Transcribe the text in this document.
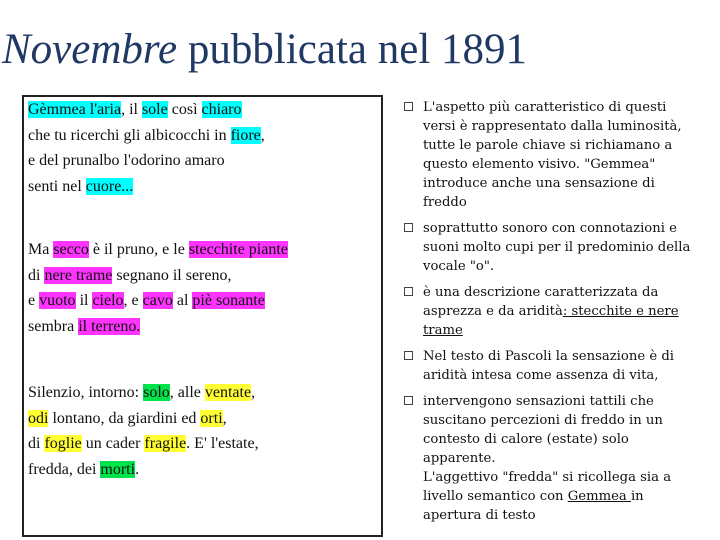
Novembre pubblicata nel 1891
Gèmmea l'aria, il sole così chiaro
che tu ricerchi gli albicocchi in fiore,
e del prunalbo l'odorino amaro
senti nel cuore...
Ma secco è il pruno, e le stecchite piante
di nere trame segnano il sereno,
e vuoto il cielo, e cavo al piè sonante
sembra il terreno.
Silenzio, intorno: solo, alle ventate,
odi lontano, da giardini ed orti,
di foglie un cader fragile. E' l'estate,
fredda, dei morti.
L'aspetto più caratteristico di questi
versi è rappresentato dalla luminosità,
tutte le parole chiave si richiamano a
questo elemento visivo. "Gemmea"
introduce anche una sensazione di
freddo
soprattutto sonoro con connotazioni e
suoni molto cupi per il predominio della
vocale "o".
è una descrizione caratterizzata da
asprezza e da aridità: stecchite e nere
trame
Nel testo di Pascoli la sensazione è di
aridità intesa come assenza di vita,
intervengono sensazioni tattili che
suscitano percezioni di freddo in un
contesto di calore (estate) solo
apparente.
L'aggettivo "fredda" si ricollega sia a
livello semantico con Gemmea in
apertura di testo
